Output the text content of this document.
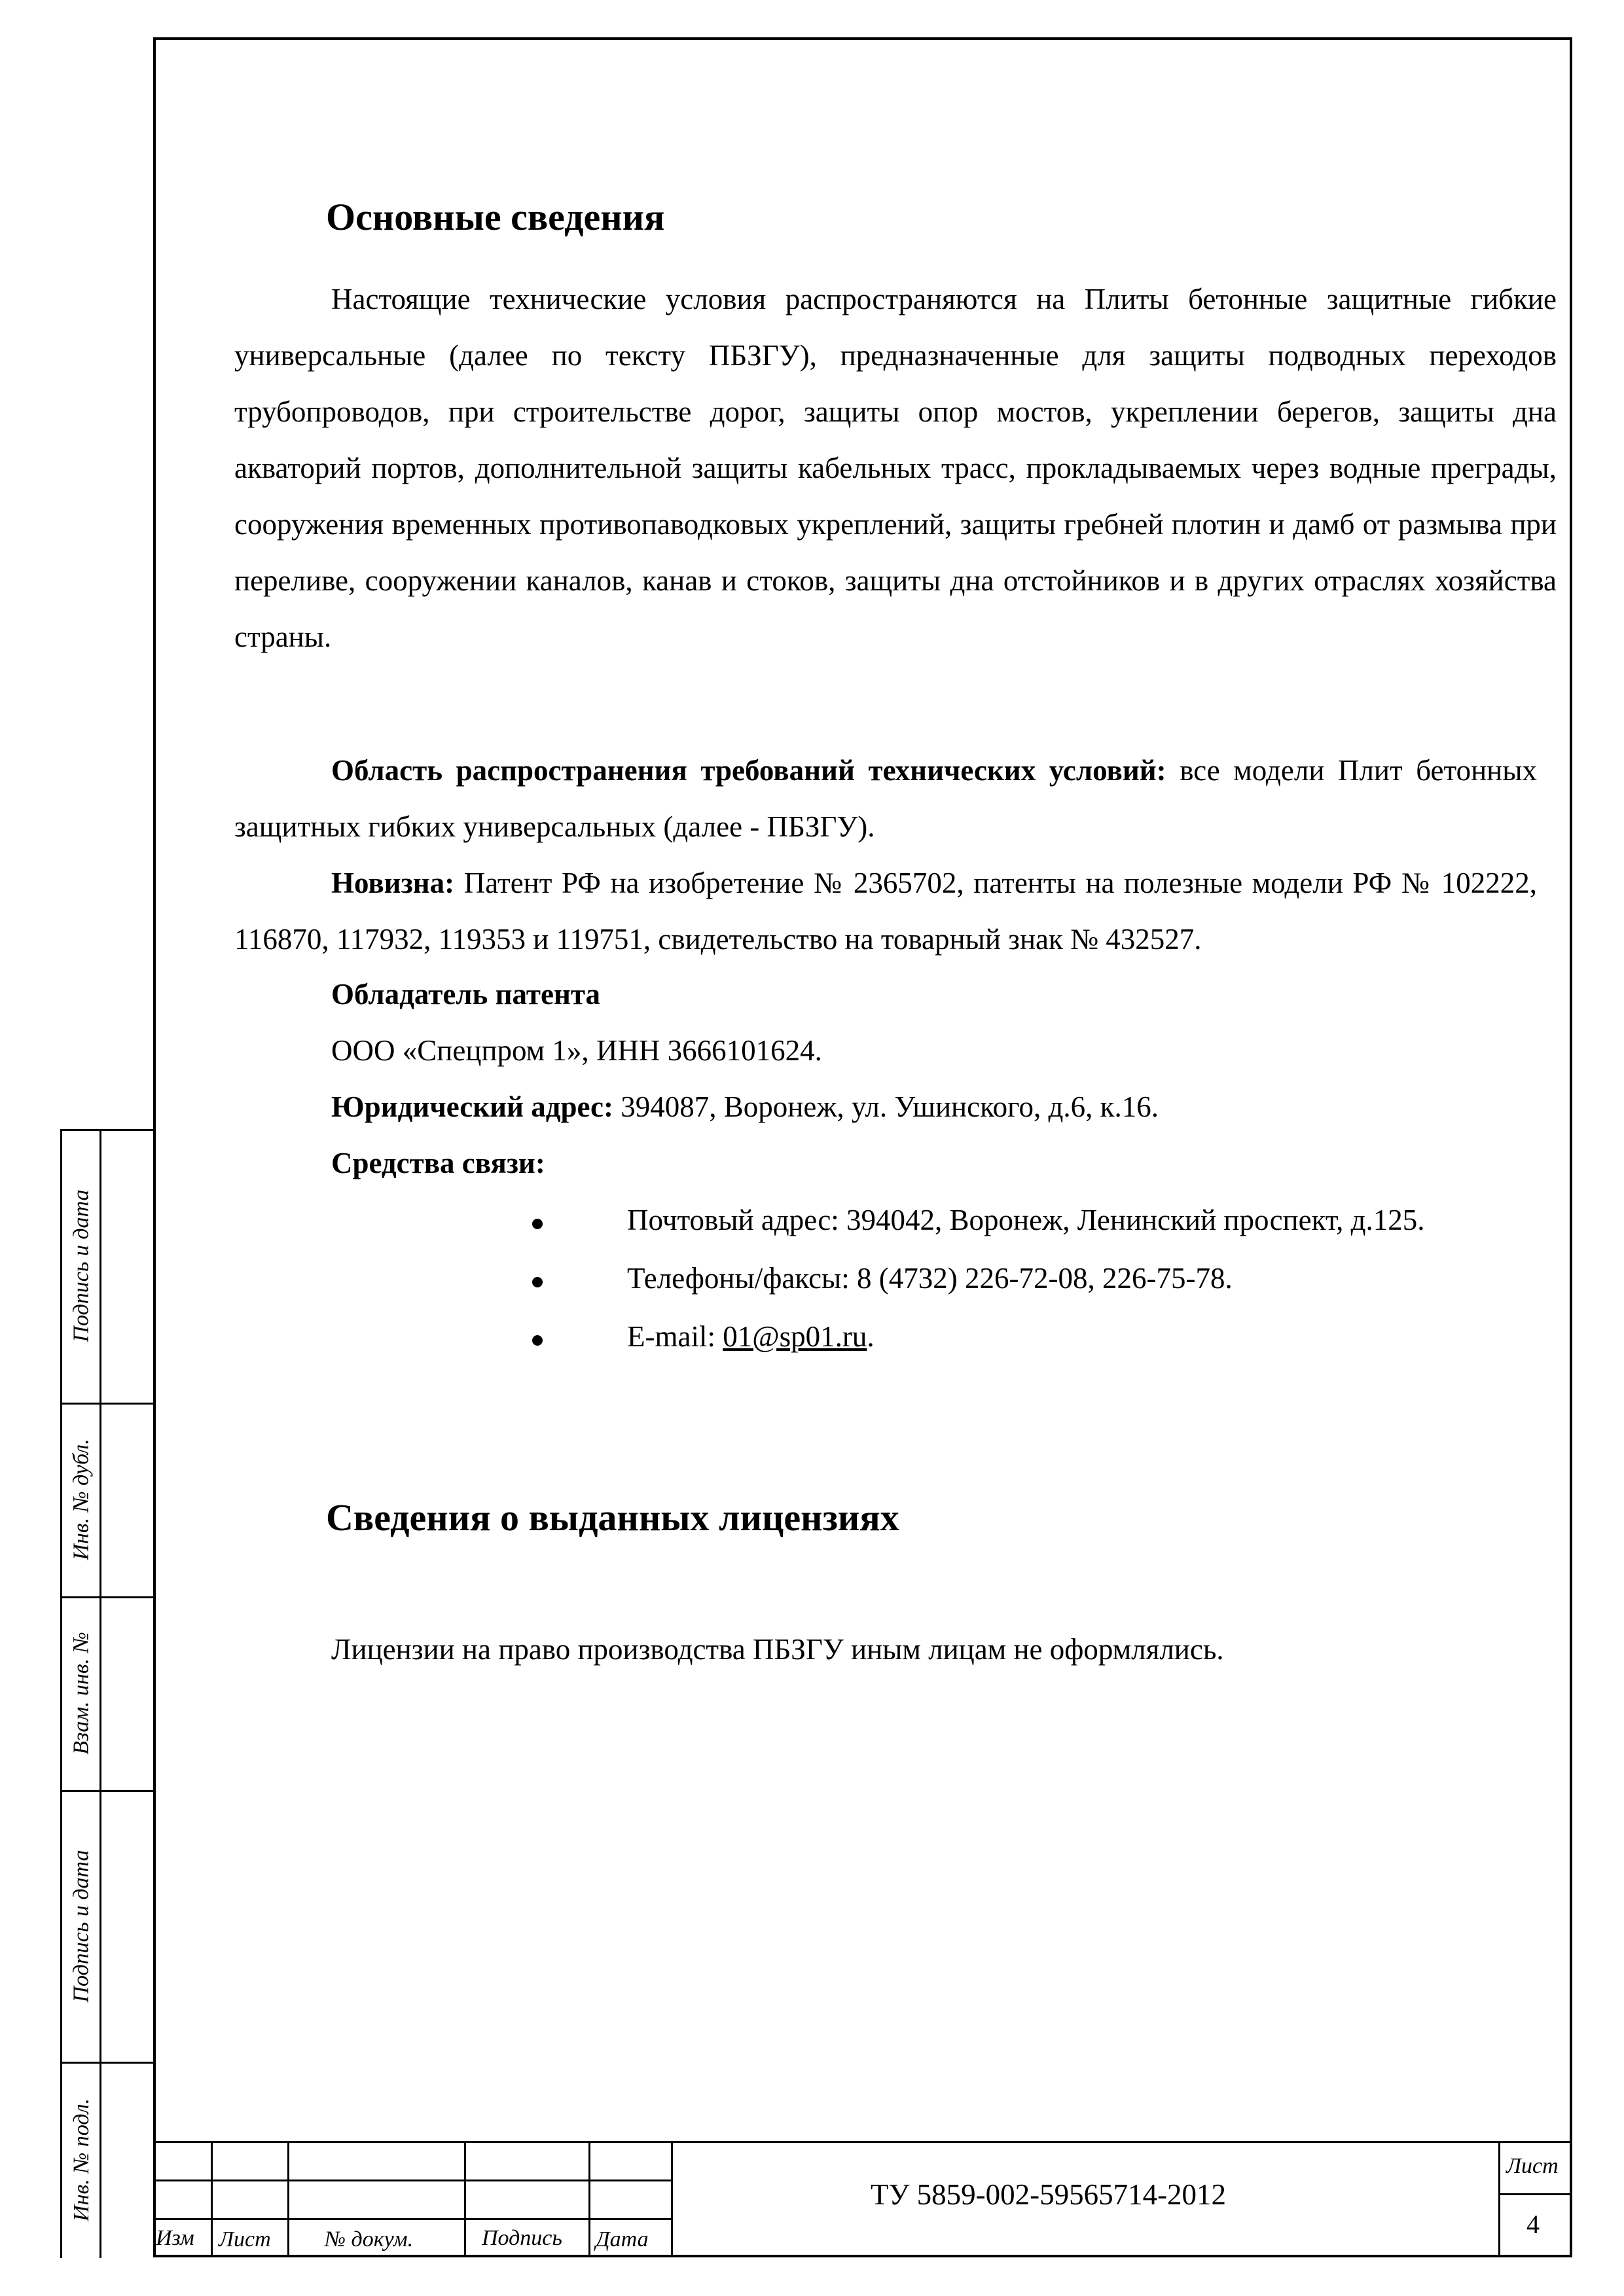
Основные сведения
Настоящие технические условия распространяются на Плиты бетонные защитные гибкие универсальные (далее по тексту ПБЗГУ), предназначенные для защиты подводных переходов трубопроводов, при строительстве дорог, защиты опор мостов, укреплении берегов, защиты дна акваторий портов, дополнительной защиты кабельных трасс, прокладываемых через водные преграды, сооружения временных противопаводковых укреплений, защиты гребней плотин и дамб от размыва при переливе, сооружении каналов, канав и стоков, защиты дна отстойников и в других отраслях хозяйства страны.
Область распространения требований технических условий: все модели Плит бетонных защитных гибких универсальных (далее - ПБЗГУ).
Новизна: Патент РФ на изобретение № 2365702, патенты на полезные модели РФ № 102222, 116870, 117932, 119353 и 119751, свидетельство на товарный знак № 432527.
Обладатель патента
ООО «Спецпром 1», ИНН 3666101624.
Юридический адрес: 394087, Воронеж, ул. Ушинского, д.6, к.16.
Средства связи:
Почтовый адрес: 394042, Воронеж, Ленинский проспект, д.125.
Телефоны/факсы: 8 (4732) 226-72-08, 226-75-78.
E-mail: 01@sp01.ru.
Сведения о выданных лицензиях
Лицензии на право производства ПБЗГУ иным лицам не оформлялись.
Подпись и дата
Инв. № дубл.
Взам. инв. №
Подпись и дата
Инв. № подл.
Изм Лист № докум.	Подпись Дата
ТУ 5859-002-59565714-2012
Лист
4
